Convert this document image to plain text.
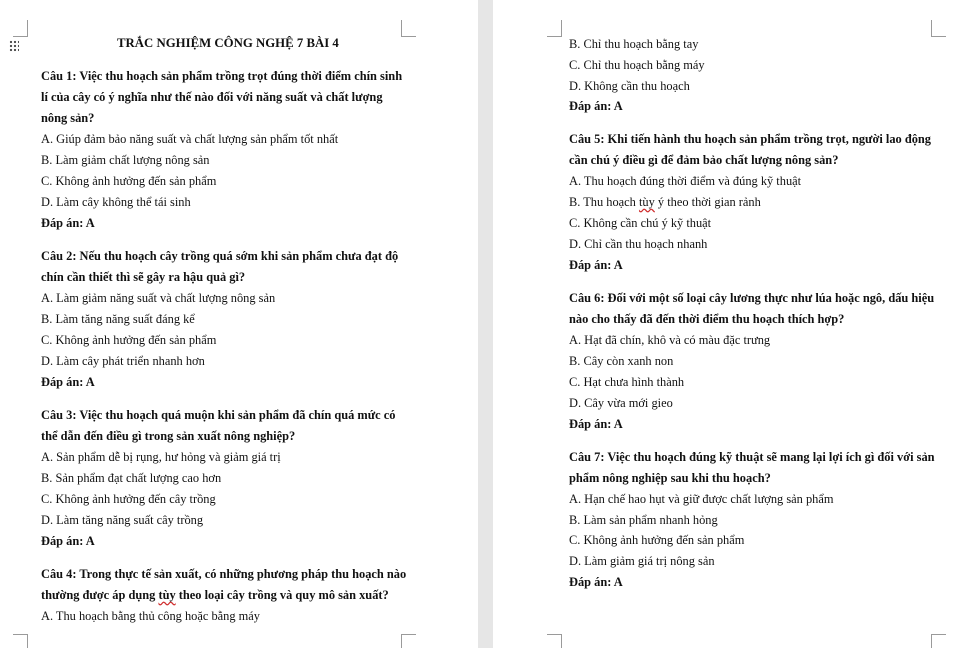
TRẮC NGHIỆM CÔNG NGHỆ 7 BÀI 4
Câu 1: Việc thu hoạch sản phẩm trồng trọt đúng thời điểm chín sinh
lí của cây có ý nghĩa như thế nào đối với năng suất và chất lượng
nông sản?
A. Giúp đảm bảo năng suất và chất lượng sản phẩm tốt nhất
B. Làm giảm chất lượng nông sản
C. Không ảnh hưởng đến sản phẩm
D. Làm cây không thể tái sinh
Đáp án: A
Câu 2: Nếu thu hoạch cây trồng quá sớm khi sản phẩm chưa đạt độ
chín cần thiết thì sẽ gây ra hậu quả gì?
A. Làm giảm năng suất và chất lượng nông sản
B. Làm tăng năng suất đáng kể
C. Không ảnh hưởng đến sản phẩm
D. Làm cây phát triển nhanh hơn
Đáp án: A
Câu 3: Việc thu hoạch quá muộn khi sản phẩm đã chín quá mức có
thể dẫn đến điều gì trong sản xuất nông nghiệp?
A. Sản phẩm dễ bị rụng, hư hỏng và giảm giá trị
B. Sản phẩm đạt chất lượng cao hơn
C. Không ảnh hưởng đến cây trồng
D. Làm tăng năng suất cây trồng
Đáp án: A
Câu 4: Trong thực tế sản xuất, có những phương pháp thu hoạch nào
thường được áp dụng tùy theo loại cây trồng và quy mô sản xuất?
A. Thu hoạch bằng thủ công hoặc bằng máy
B. Chỉ thu hoạch bằng tay
C. Chỉ thu hoạch bằng máy
D. Không cần thu hoạch
Đáp án: A
Câu 5: Khi tiến hành thu hoạch sản phẩm trồng trọt, người lao động
cần chú ý điều gì để đảm bảo chất lượng nông sản?
A. Thu hoạch đúng thời điểm và đúng kỹ thuật
B. Thu hoạch tùy ý theo thời gian rảnh
C. Không cần chú ý kỹ thuật
D. Chỉ cần thu hoạch nhanh
Đáp án: A
Câu 6: Đối với một số loại cây lương thực như lúa hoặc ngô, dấu hiệu
nào cho thấy đã đến thời điểm thu hoạch thích hợp?
A. Hạt đã chín, khô và có màu đặc trưng
B. Cây còn xanh non
C. Hạt chưa hình thành
D. Cây vừa mới gieo
Đáp án: A
Câu 7: Việc thu hoạch đúng kỹ thuật sẽ mang lại lợi ích gì đối với sản
phẩm nông nghiệp sau khi thu hoạch?
A. Hạn chế hao hụt và giữ được chất lượng sản phẩm
B. Làm sản phẩm nhanh hỏng
C. Không ảnh hưởng đến sản phẩm
D. Làm giảm giá trị nông sản
Đáp án: A
